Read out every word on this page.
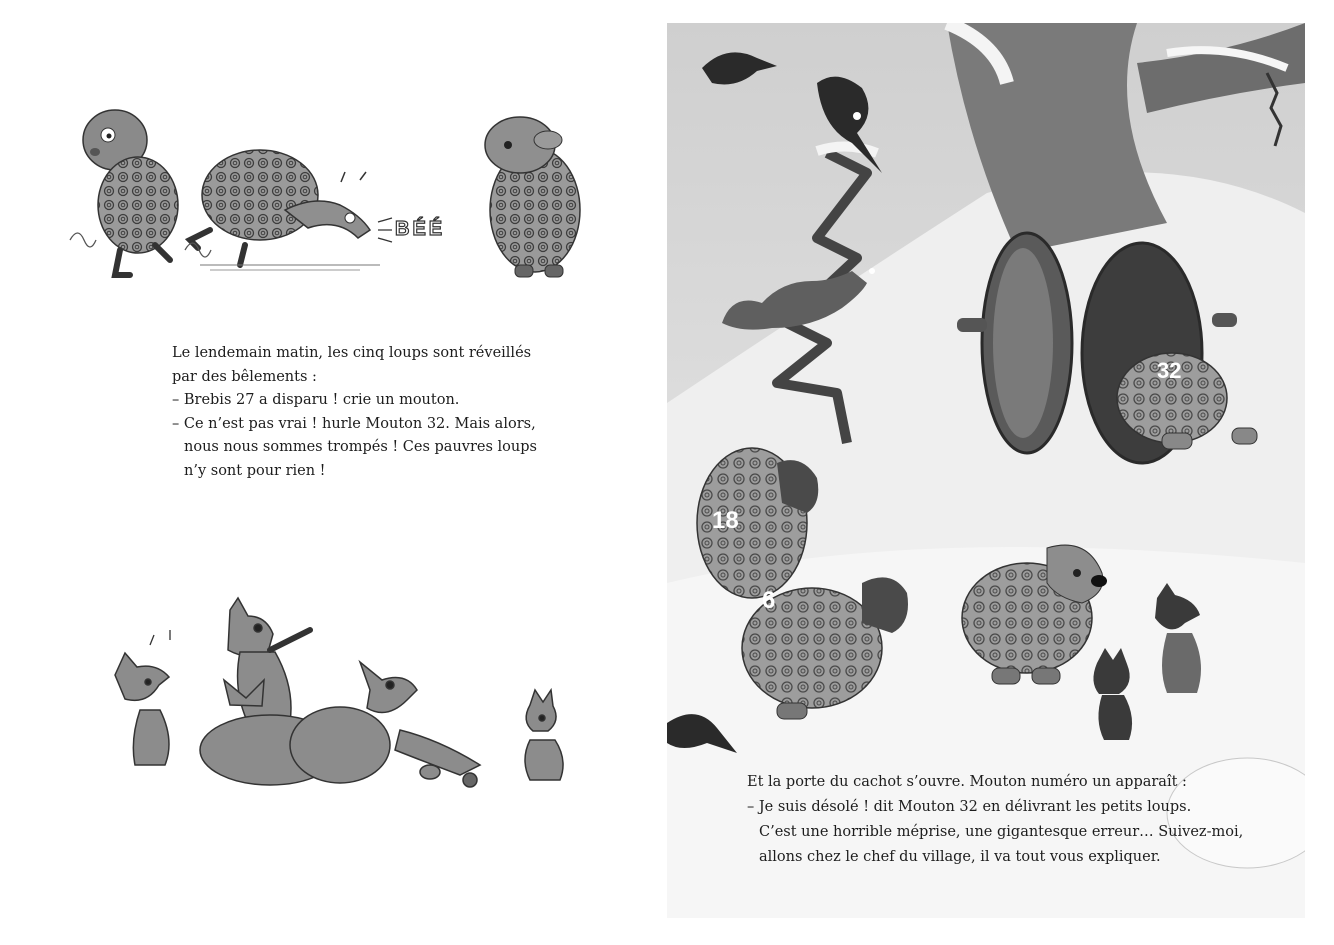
BÉÉ

Le lendemain matin, les cinq loups sont réveillés

par des bêlements :

– Brebis 27 a disparu ! crie un mouton.

– Ce n’est pas vrai ! hurle Mouton 32. Mais alors,

nous nous sommes trompés ! Ces pauvres loups

n’y sont pour rien !

32
18
6

Et la porte du cachot s’ouvre. Mouton numéro un apparaît :

– Je suis désolé ! dit Mouton 32 en délivrant les petits loups.

C’est une horrible méprise, une gigantesque erreur… Suivez-moi,

allons chez le chef du village, il va tout vous expliquer.
